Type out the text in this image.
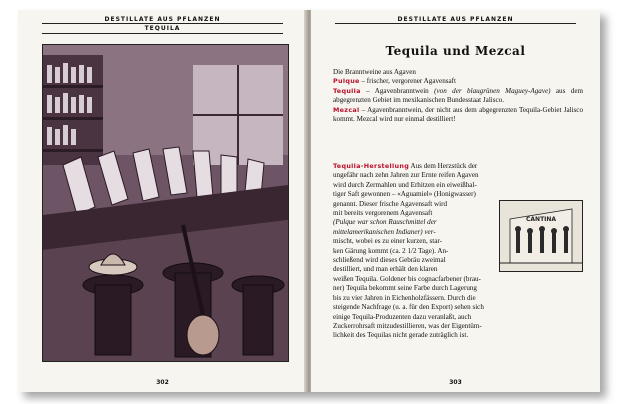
DESTILLATE AUS PFLANZEN
TEQUILA
302
DESTILLATE AUS PFLANZEN
Tequila und Mezcal

Die Branntweine aus Agaven

Pulque – frischer, vergorener Agavensaft

Tequila – Agavenbranntwein (von der blaugrünen Maguey-Agave) aus dem abgegrenzten Gebiet im mexikanischen Bundesstaat Jalisco.

Mezcal – Agavenbranntwein, der nicht aus dem abgegrenzten Tequila-Gebiet Jalisco kommt. Mezcal wird nur einmal destilliert!

Tequila-Herstellung Aus dem Herzstück der
ungefähr nach zehn Jahren zur Ernte reifen Agaven
wird durch Zermahlen und Erhitzen ein eiweißhal-
tiger Saft gewonnen – «Aguamiel» (Honigwasser)
genannt. Dieser frische Agavensaft wird
mit bereits vergorenem Agavensaft
(Pulque war schon Rauschmittel der
mittelamerikanischen Indianer) ver-
mischt, wobei es zu einer kurzen, star-
ken Gärung kommt (ca. 2 1/2 Tage). An-
schließend wird dieses Gebräu zweimal
destilliert, und man erhält den klaren
weißen Tequila. Goldener bis cognacfarbener (brau-
ner) Tequila bekommt seine Farbe durch Lagerung
bis zu vier Jahren in Eichenholzfässern. Durch die
steigende Nachfrage (u. a. für den Export) sehen sich
einige Tequila-Produzenten dazu veranlaßt, auch
Zuckerrohrsaft mitzudestillieren, was der Eigentüm-
lichkeit des Tequilas nicht gerade zuträglich ist.
CANTINA
303
